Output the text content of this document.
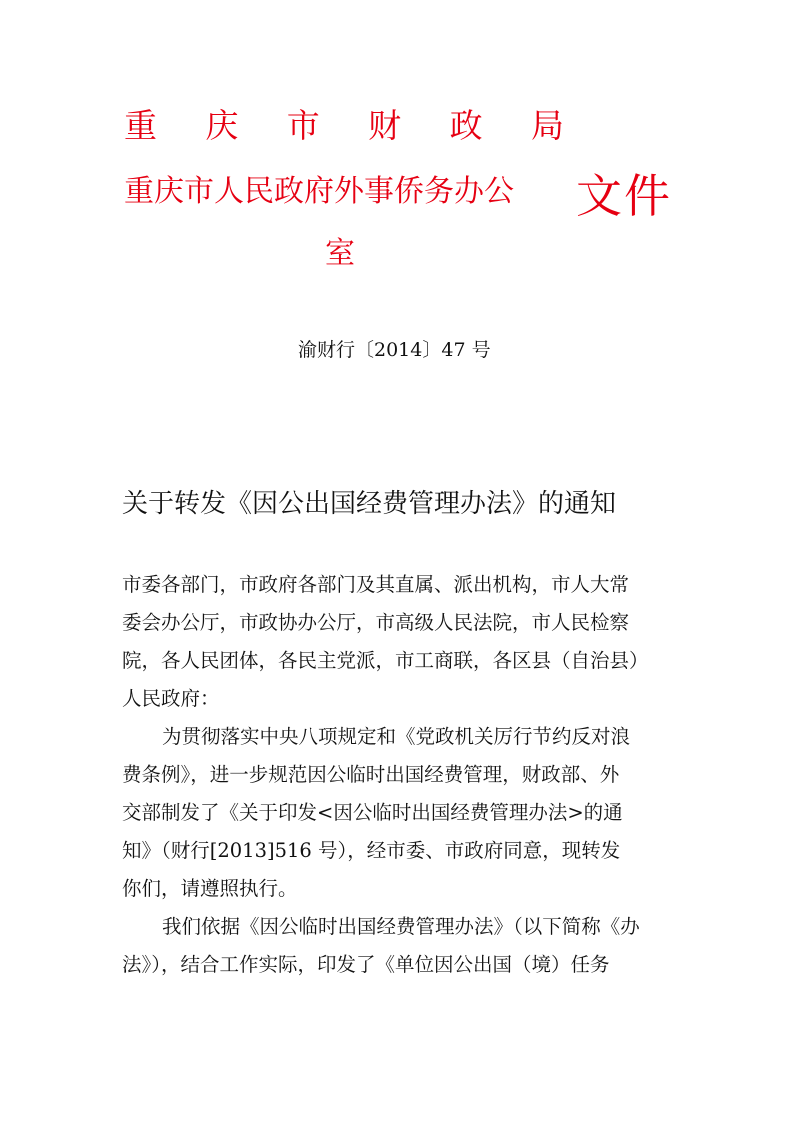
重 庆 市 财 政 局
重庆市人民政府外事侨务办公
室
文件
渝财行〔2014〕47 号
关于转发《因公出国经费管理办法》的通知

市委各部门，市政府各部门及其直属、派出机构，市人大常
委会办公厅，市政协办公厅，市高级人民法院，市人民检察
院，各人民团体，各民主党派，市工商联，各区县（自治县）
人民政府：

为贯彻落实中央八项规定和《党政机关厉行节约反对浪
费条例》，进一步规范因公临时出国经费管理，财政部、外
交部制发了《关于印发<因公临时出国经费管理办法>的通
知》（财行[2013]516 号），经市委、市政府同意，现转发
你们，请遵照执行。

我们依据《因公临时出国经费管理办法》（以下简称《办
法》），结合工作实际，印发了《单位因公出国（境）任务
